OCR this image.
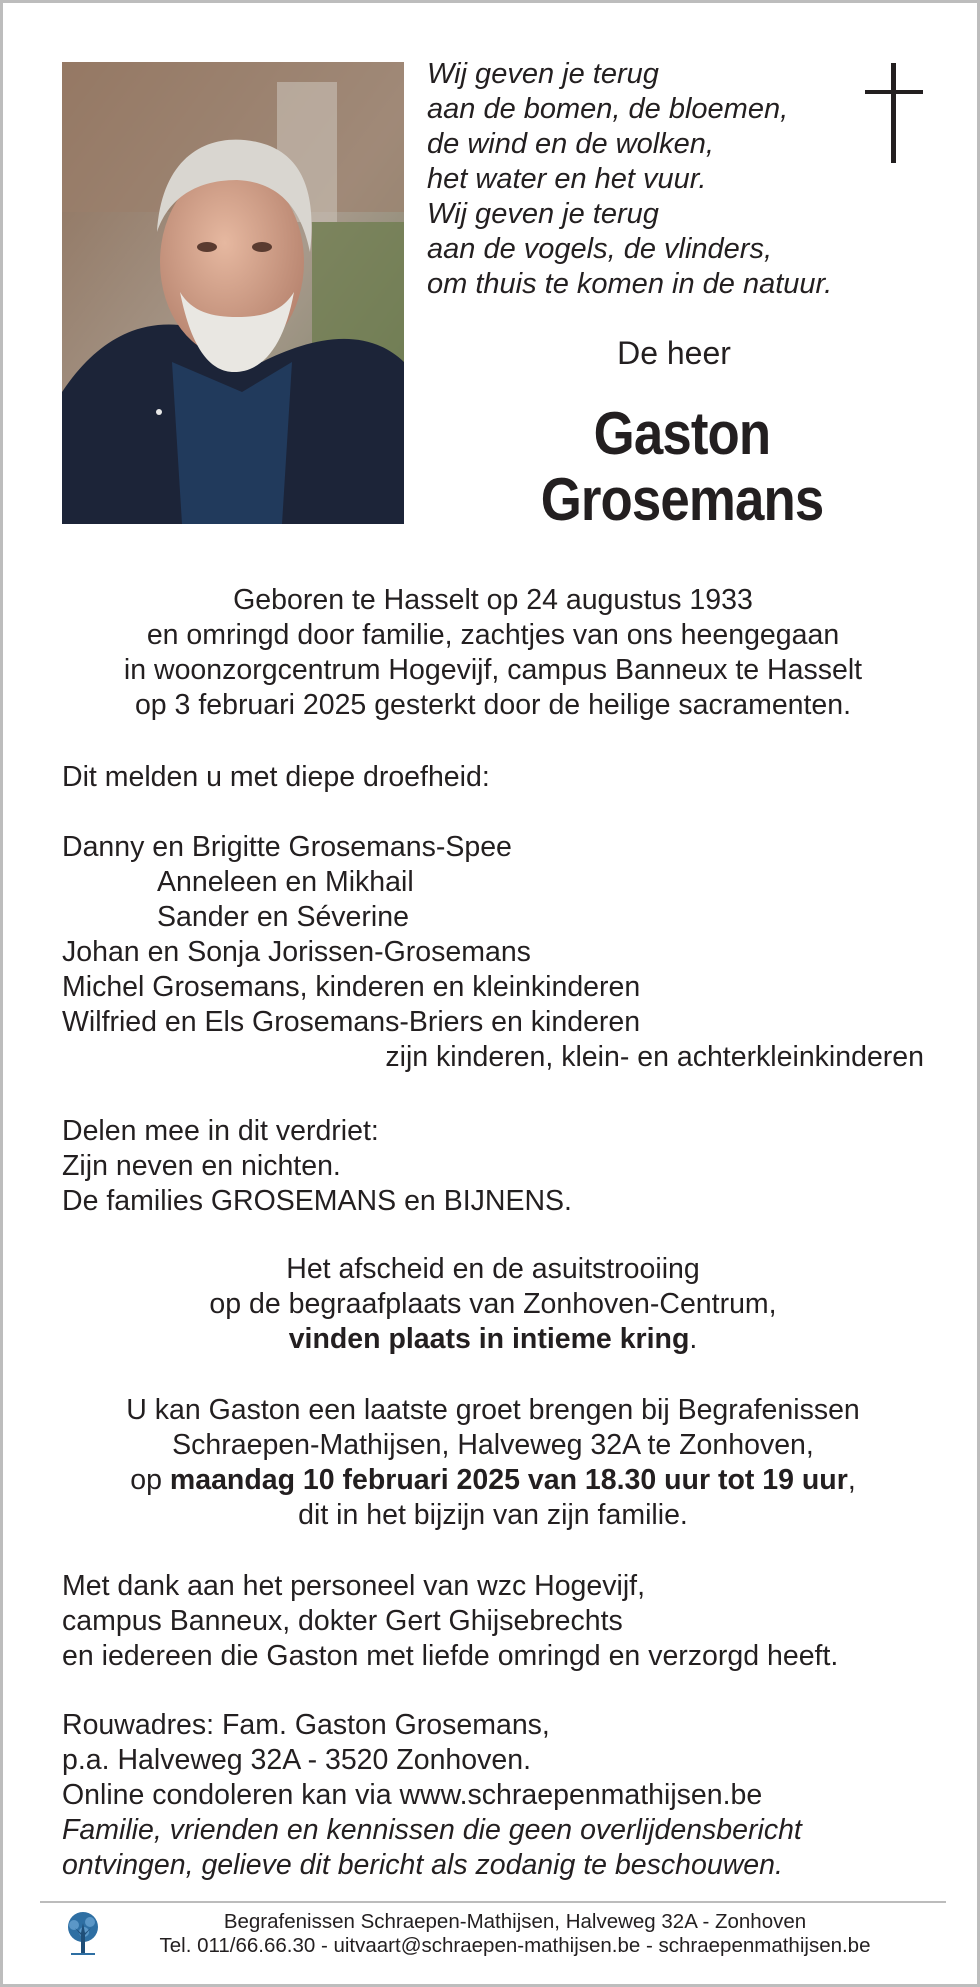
Wij geven je terug
aan de bomen, de bloemen,
de wind en de wolken,
het water en het vuur.
Wij geven je terug
aan de vogels, de vlinders,
om thuis te komen in de natuur.
De heer
Gaston
Grosemans
Geboren te Hasselt op 24 augustus 1933
en omringd door familie, zachtjes van ons heengegaan
in woonzorgcentrum Hogevijf, campus Banneux te Hasselt
op 3 februari 2025 gesterkt door de heilige sacramenten.
Dit melden u met diepe droefheid:
Danny en Brigitte Grosemans-Spee
Anneleen en Mikhail
Sander en Séverine
Johan en Sonja Jorissen-Grosemans
Michel Grosemans, kinderen en kleinkinderen
Wilfried en Els Grosemans-Briers en kinderen
zijn kinderen, klein- en achterkleinkinderen
Delen mee in dit verdriet:
Zijn neven en nichten.
De families GROSEMANS en BIJNENS.
Het afscheid en de asuitstrooiing
op de begraafplaats van Zonhoven-Centrum,
vinden plaats in intieme kring.
U kan Gaston een laatste groet brengen bij Begrafenissen
Schraepen-Mathijsen, Halveweg 32A te Zonhoven,
op maandag 10 februari 2025 van 18.30 uur tot 19 uur,
dit in het bijzijn van zijn familie.
Met dank aan het personeel van wzc Hogevijf,
campus Banneux, dokter Gert Ghijsebrechts
en iedereen die Gaston met liefde omringd en verzorgd heeft.
Rouwadres: Fam. Gaston Grosemans,
p.a. Halveweg 32A - 3520 Zonhoven.
Online condoleren kan via www.schraepenmathijsen.be
Familie, vrienden en kennissen die geen overlijdensbericht
ontvingen, gelieve dit bericht als zodanig te beschouwen.
Begrafenissen Schraepen-Mathijsen, Halveweg 32A - Zonhoven
Tel. 011/66.66.30 - uitvaart@schraepen-mathijsen.be - schraepenmathijsen.be
